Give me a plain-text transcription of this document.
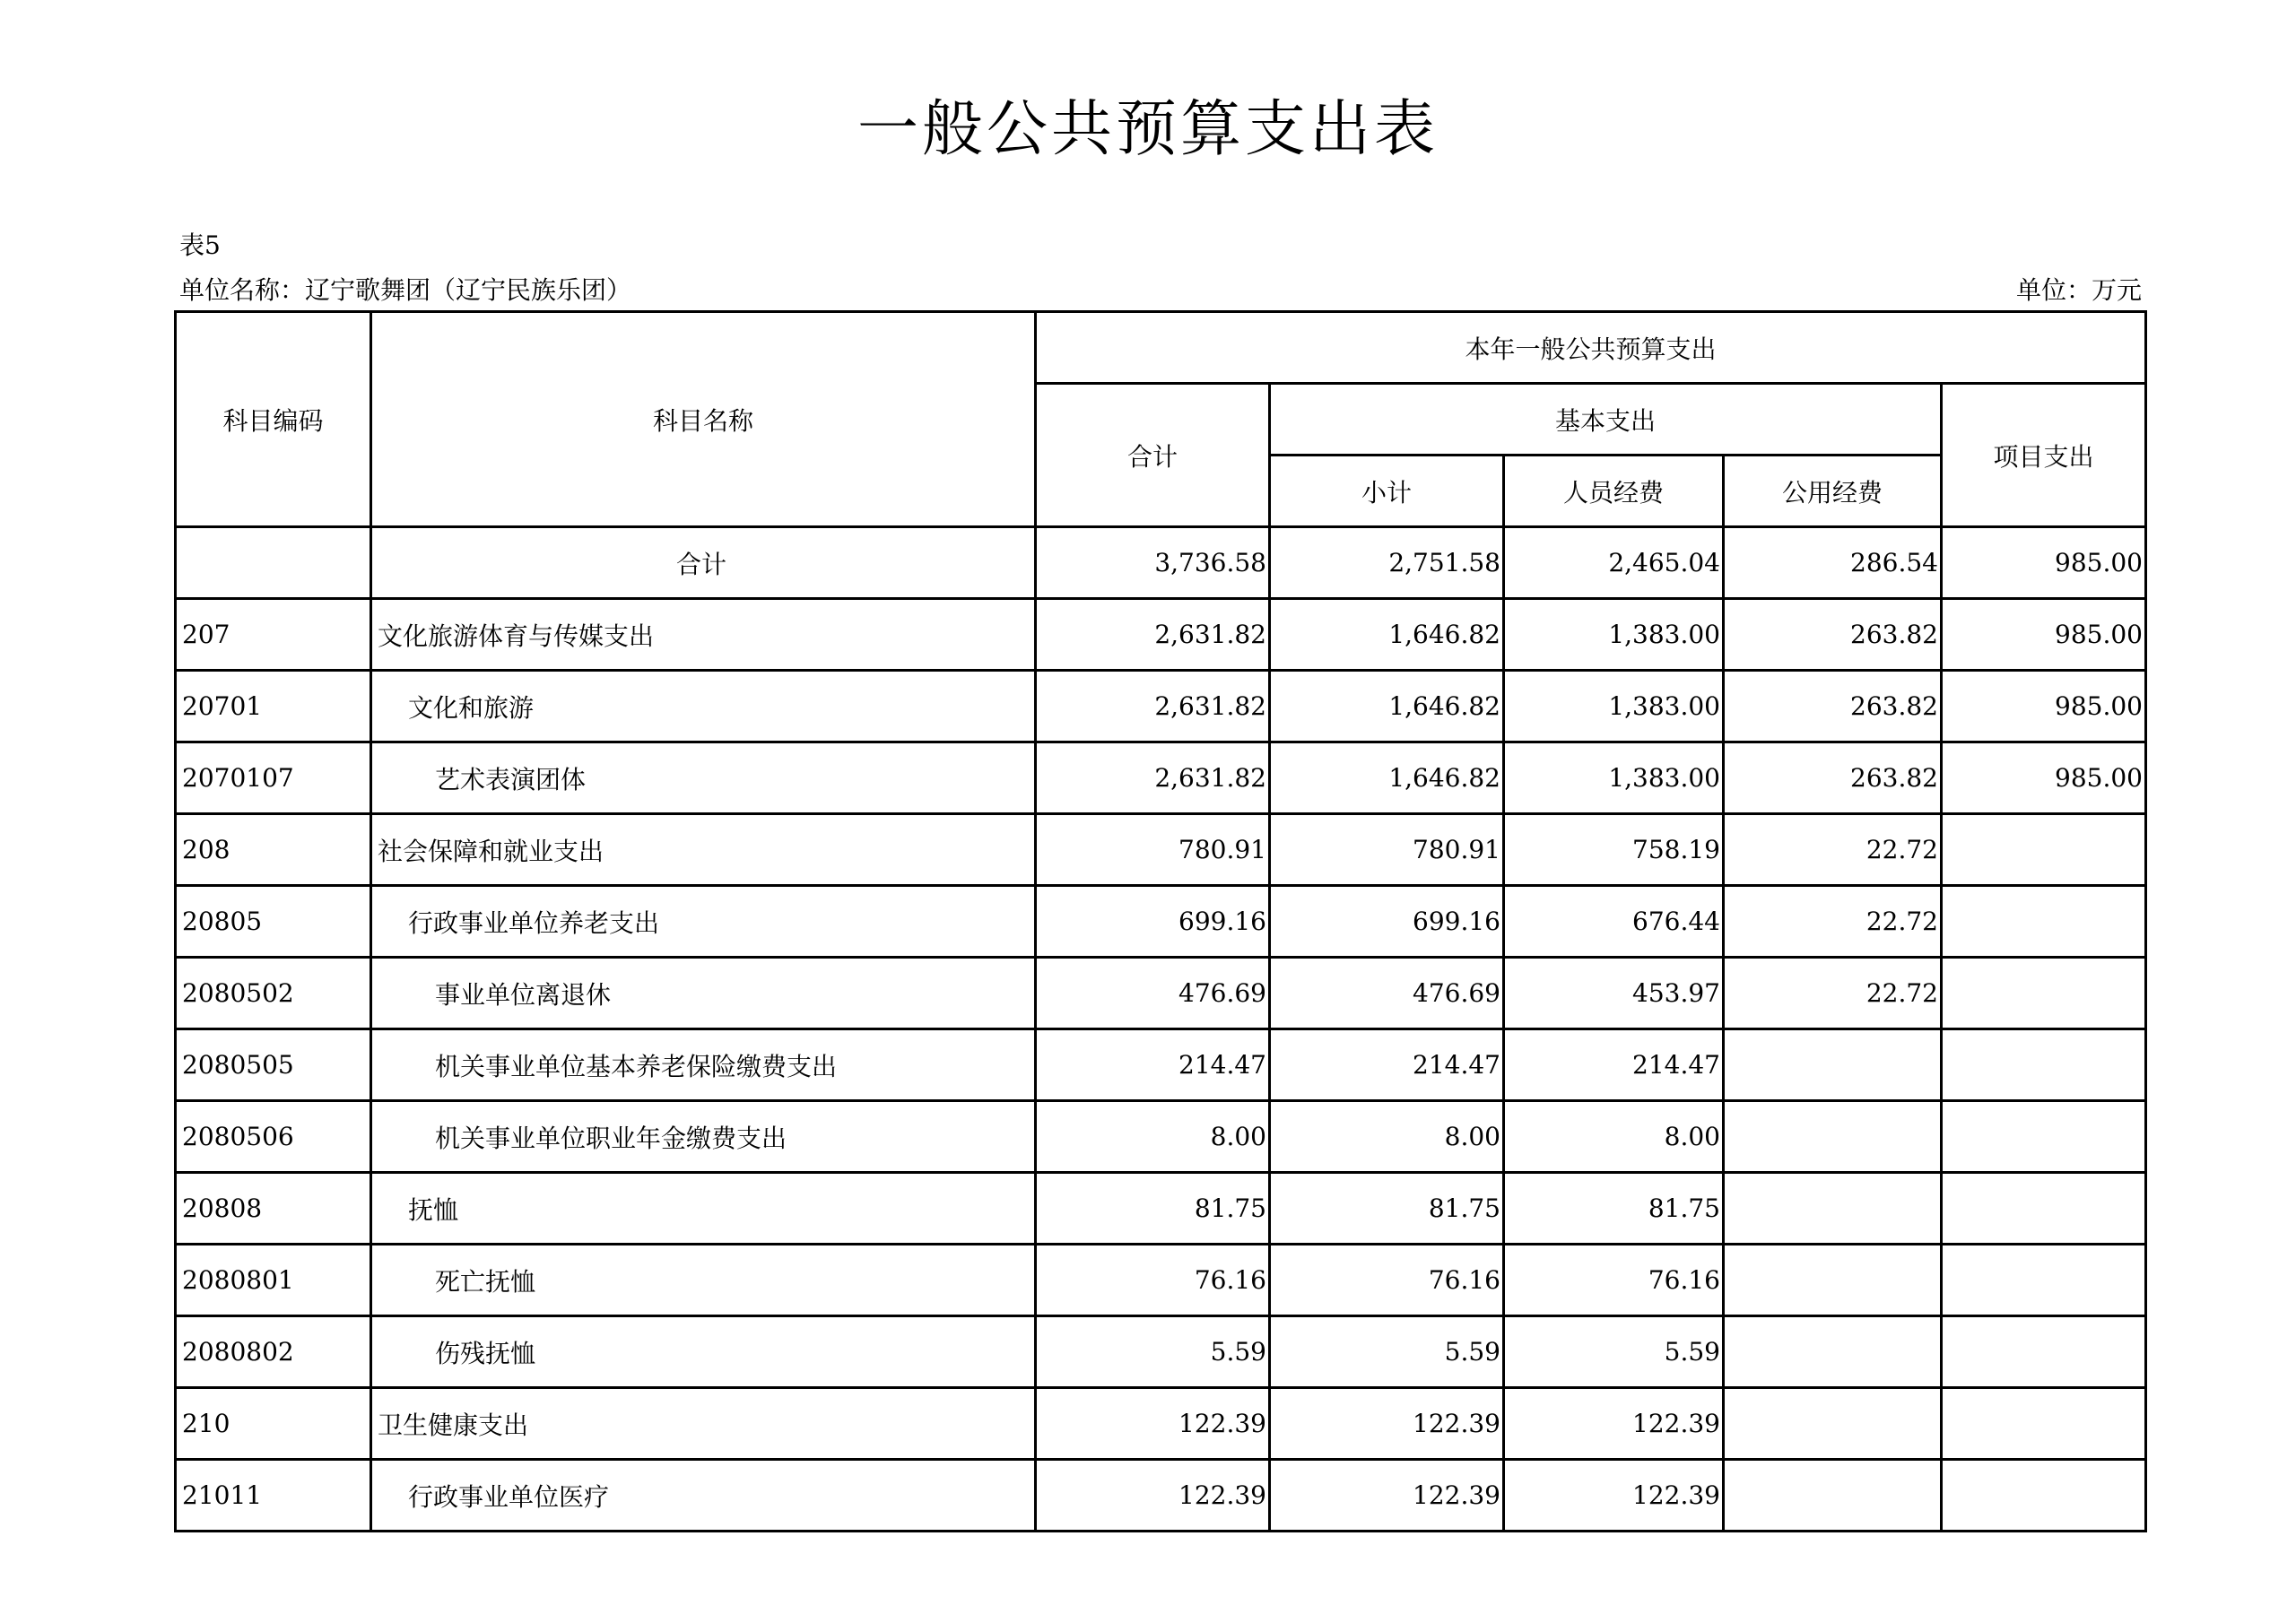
一般公共预算支出表
表5
单位名称：辽宁歌舞团（辽宁民族乐团）	单位：万元
科目编码	科目名称	本年一般公共预算支出				
		合计	基本支出			项目支出
			小计	人员经费	公用经费	
	合计	3,736.58	2,751.58	2,465.04	286.54	985.00
207	文化旅游体育与传媒支出	2,631.82	1,646.82	1,383.00	263.82	985.00
20701	文化和旅游	2,631.82	1,646.82	1,383.00	263.82	985.00
2070107	艺术表演团体	2,631.82	1,646.82	1,383.00	263.82	985.00
208	社会保障和就业支出	780.91	780.91	758.19	22.72	
20805	行政事业单位养老支出	699.16	699.16	676.44	22.72	
2080502	事业单位离退休	476.69	476.69	453.97	22.72	
2080505	机关事业单位基本养老保险缴费支出	214.47	214.47	214.47		
2080506	机关事业单位职业年金缴费支出	8.00	8.00	8.00		
20808	抚恤	81.75	81.75	81.75		
2080801	死亡抚恤	76.16	76.16	76.16		
2080802	伤残抚恤	5.59	5.59	5.59		
210	卫生健康支出	122.39	122.39	122.39		
21011	行政事业单位医疗	122.39	122.39	122.39		
